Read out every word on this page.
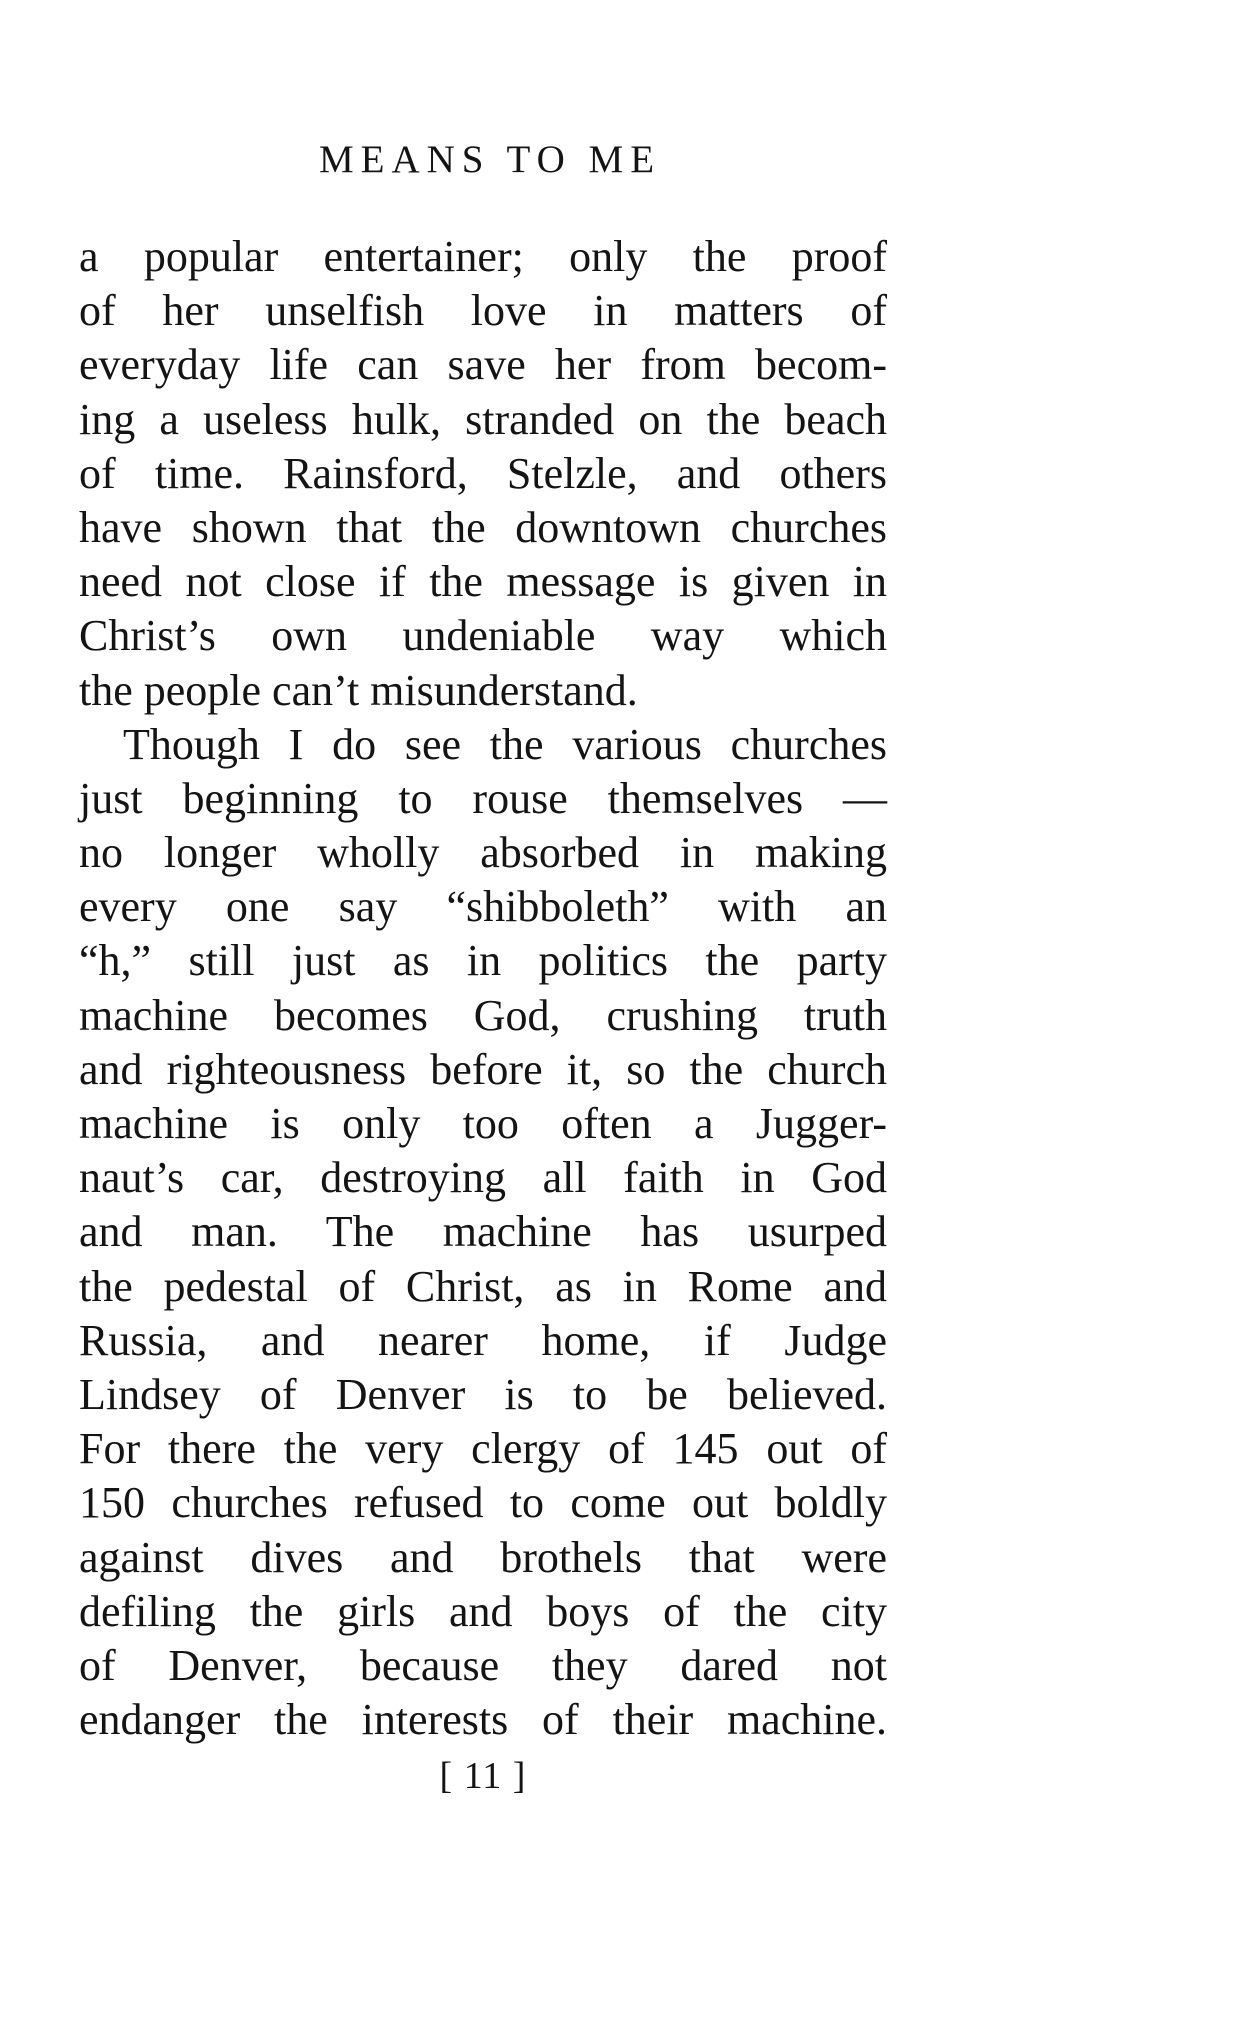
MEANS TO ME
a popular entertainer; only the proof
of her unselfish love in matters of
everyday life can save her from becom-
ing a useless hulk, stranded on the beach
of time. Rainsford, Stelzle, and others
have shown that the downtown churches
need not close if the message is given in
Christ’s own undeniable way which
the people can’t misunderstand.
Though I do see the various churches
just beginning to rouse themselves —
no longer wholly absorbed in making
every one say “shibboleth” with an
“h,” still just as in politics the party
machine becomes God, crushing truth
and righteousness before it, so the church
machine is only too often a Jugger-
naut’s car, destroying all faith in God
and man. The machine has usurped
the pedestal of Christ, as in Rome and
Russia, and nearer home, if Judge
Lindsey of Denver is to be believed.
For there the very clergy of 145 out of
150 churches refused to come out boldly
against dives and brothels that were
defiling the girls and boys of the city
of Denver, because they dared not
endanger the interests of their machine.
[ 11 ]
